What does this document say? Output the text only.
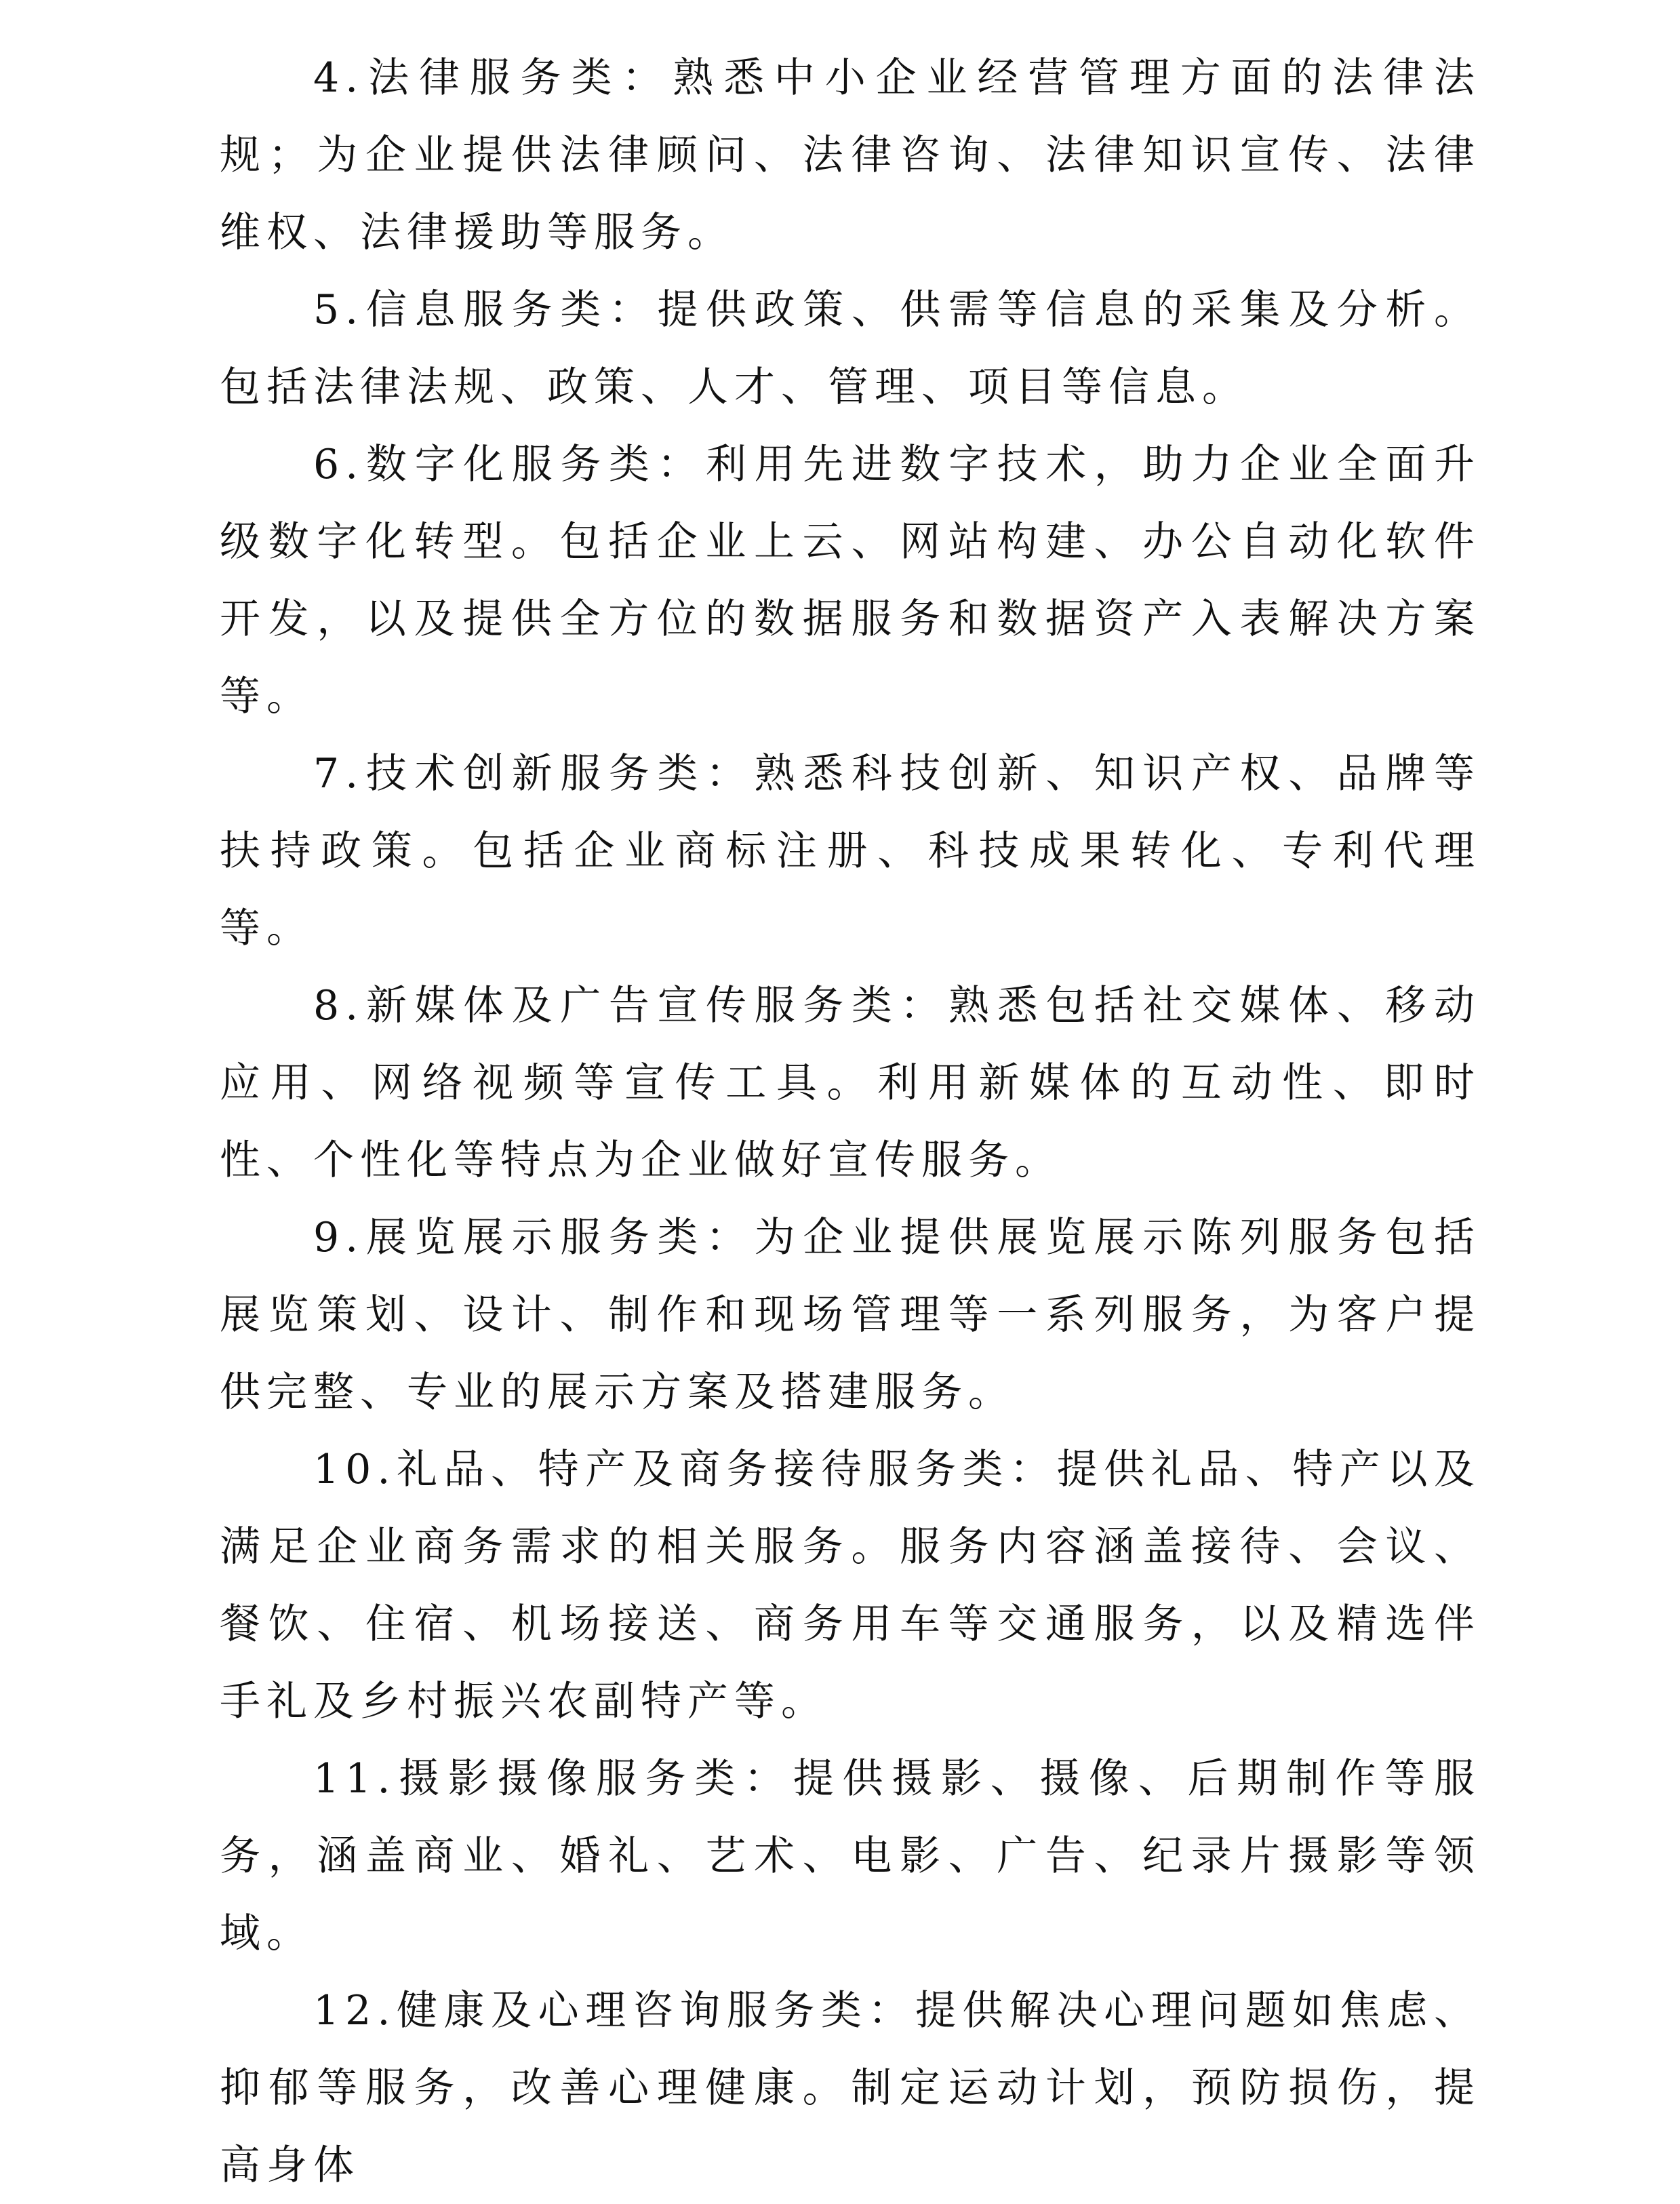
4.法律服务类：熟悉中小企业经营管理方面的法律法规；为企业提供法律顾问、法律咨询、法律知识宣传、法律维权、法律援助等服务。

5.信息服务类：提供政策、供需等信息的采集及分析。包括法律法规、政策、人才、管理、项目等信息。

6.数字化服务类：利用先进数字技术，助力企业全面升级数字化转型。包括企业上云、网站构建、办公自动化软件开发，以及提供全方位的数据服务和数据资产入表解决方案等。

7.技术创新服务类：熟悉科技创新、知识产权、品牌等扶持政策。包括企业商标注册、科技成果转化、专利代理等。

8.新媒体及广告宣传服务类：熟悉包括社交媒体、移动应用、网络视频等宣传工具。利用新媒体的互动性、即时性、个性化等特点为企业做好宣传服务。

9.展览展示服务类：为企业提供展览展示陈列服务包括展览策划、设计、制作和现场管理等一系列服务，为客户提供完整、专业的展示方案及搭建服务。

10.礼品、特产及商务接待服务类：提供礼品、特产以及满足企业商务需求的相关服务。服务内容涵盖接待、会议、餐饮、住宿、机场接送、商务用车等交通服务，以及精选伴手礼及乡村振兴农副特产等。

11.摄影摄像服务类：提供摄影、摄像、后期制作等服务，涵盖商业、婚礼、艺术、电影、广告、纪录片摄影等领域。

12.健康及心理咨询服务类：提供解决心理问题如焦虑、抑郁等服务，改善心理健康。制定运动计划，预防损伤，提高身体
